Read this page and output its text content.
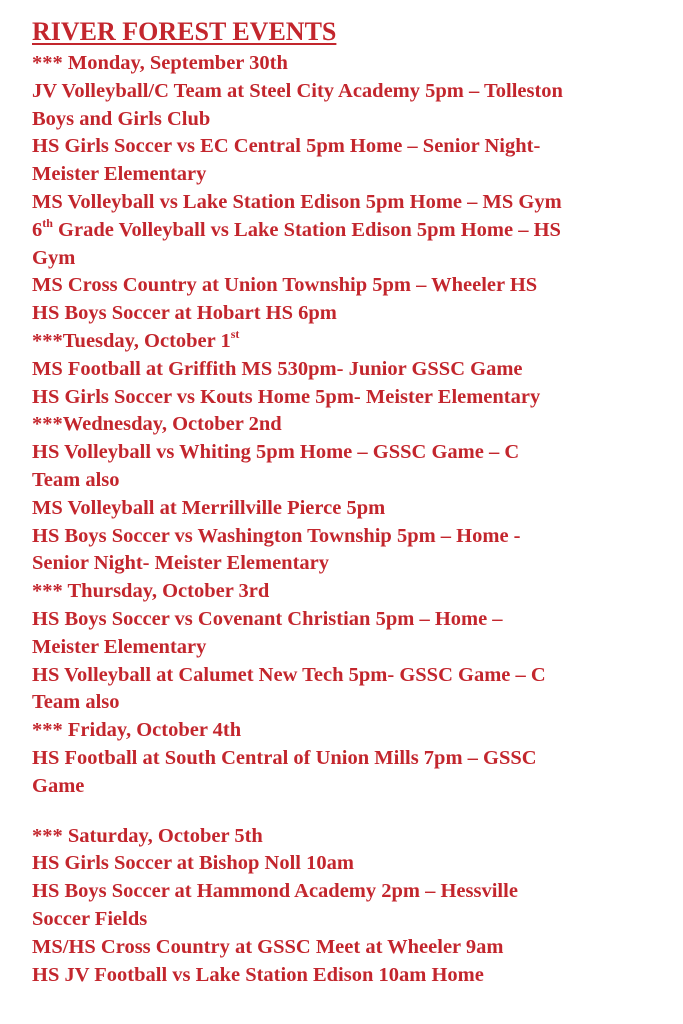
RIVER FOREST EVENTS

*** Monday, September 30th

JV Volleyball/C Team at Steel City Academy 5pm – Tolleston

Boys and Girls Club

HS Girls Soccer vs EC Central 5pm Home – Senior Night-

Meister Elementary

MS Volleyball vs Lake Station Edison 5pm Home – MS Gym

6th Grade Volleyball vs Lake Station Edison 5pm Home – HS

Gym

MS Cross Country at Union Township 5pm – Wheeler HS

HS Boys Soccer at Hobart HS 6pm

***Tuesday, October 1st

MS Football at Griffith MS 530pm- Junior GSSC Game

HS Girls Soccer vs Kouts Home 5pm- Meister Elementary

***Wednesday, October 2nd

HS Volleyball vs Whiting 5pm Home – GSSC Game – C

Team also

MS Volleyball at Merrillville Pierce 5pm

HS Boys Soccer vs Washington Township 5pm – Home -

Senior Night- Meister Elementary

*** Thursday, October 3rd

HS Boys Soccer vs Covenant Christian 5pm – Home –

Meister Elementary

HS Volleyball at Calumet New Tech 5pm- GSSC Game – C

Team also

*** Friday, October 4th

HS Football at South Central of Union Mills 7pm – GSSC

Game

*** Saturday, October 5th

HS Girls Soccer at Bishop Noll 10am

HS Boys Soccer at Hammond Academy 2pm – Hessville

Soccer Fields

MS/HS Cross Country at GSSC Meet at Wheeler 9am

HS JV Football vs Lake Station Edison 10am Home
